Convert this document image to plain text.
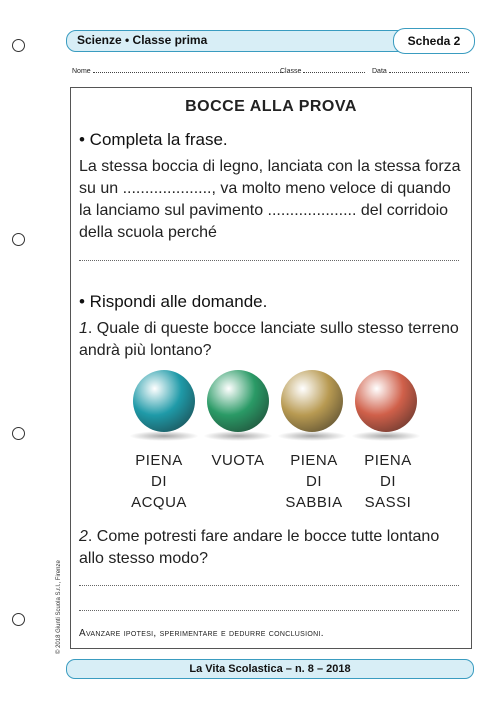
Scienze • Classe prima	Scheda 2
Nome	Classe	Data
BOCCE ALLA PROVA
• Completa la frase.
La stessa boccia di legno, lanciata con la stessa forza su un ...................., va molto meno veloce di quando la lanciamo sul pavimento .................... del corridoio della scuola perché
• Rispondi alle domande.
1. Quale di queste bocce lanciate sullo stesso terreno andrà più lontano?
PIENA DI ACQUA
VUOTA	PIENA DI SABBIA
PIENA DI SASSI
2. Come potresti fare andare le bocce tutte lontano allo stesso modo?
Avanzare ipotesi, sperimentare e dedurre conclusioni.
© 2018 Giunti Scuola S.r.l., Firenze
La Vita Scolastica – n. 8 – 2018
